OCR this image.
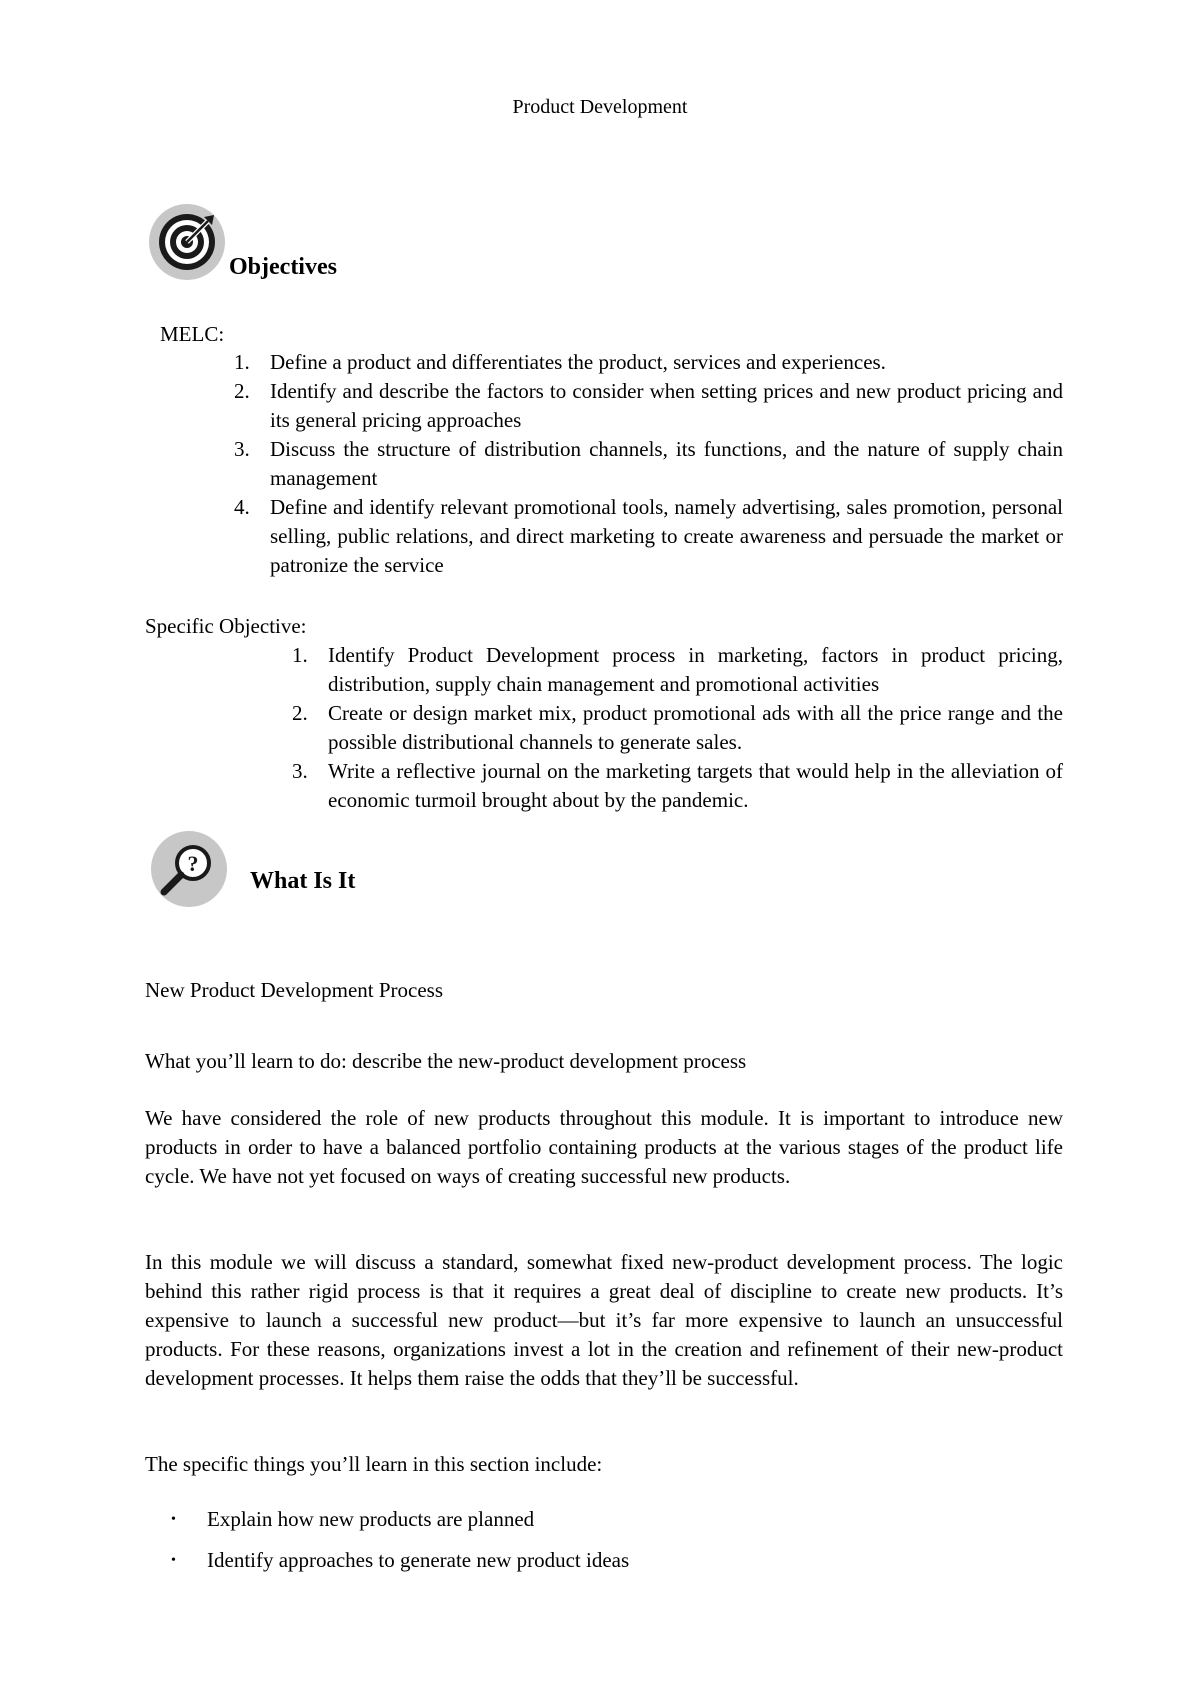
Product Development
Objectives
MELC:
1. Define a product and differentiates the product, services and experiences.
2. Identify and describe the factors to consider when setting prices and new product pricing and its general pricing approaches
3. Discuss the structure of distribution channels, its functions, and the nature of supply chain management
4. Define and identify relevant promotional tools, namely advertising, sales promotion, personal selling, public relations, and direct marketing to create awareness and persuade the market or patronize the service
Specific Objective:
1. Identify Product Development process in marketing, factors in product pricing, distribution, supply chain management and promotional activities
2. Create or design market mix, product promotional ads with all the price range and the possible distributional channels to generate sales.
3. Write a reflective journal on the marketing targets that would help in the alleviation of economic turmoil brought about by the pandemic.
?
What Is It
New Product Development Process
What you’ll learn to do: describe the new-product development process
We have considered the role of new products throughout this module. It is important to introduce new products in order to have a balanced portfolio containing products at the various stages of the product life cycle. We have not yet focused on ways of creating successful new products.
In this module we will discuss a standard, somewhat fixed new-product development process. The logic behind this rather rigid process is that it requires a great deal of discipline to create new products. It’s expensive to launch a successful new product—but it’s far more expensive to launch an unsuccessful products. For these reasons, organizations invest a lot in the creation and refinement of their new-product development processes. It helps them raise the odds that they’ll be successful.
The specific things you’ll learn in this section include:
• Explain how new products are planned
• Identify approaches to generate new product ideas
